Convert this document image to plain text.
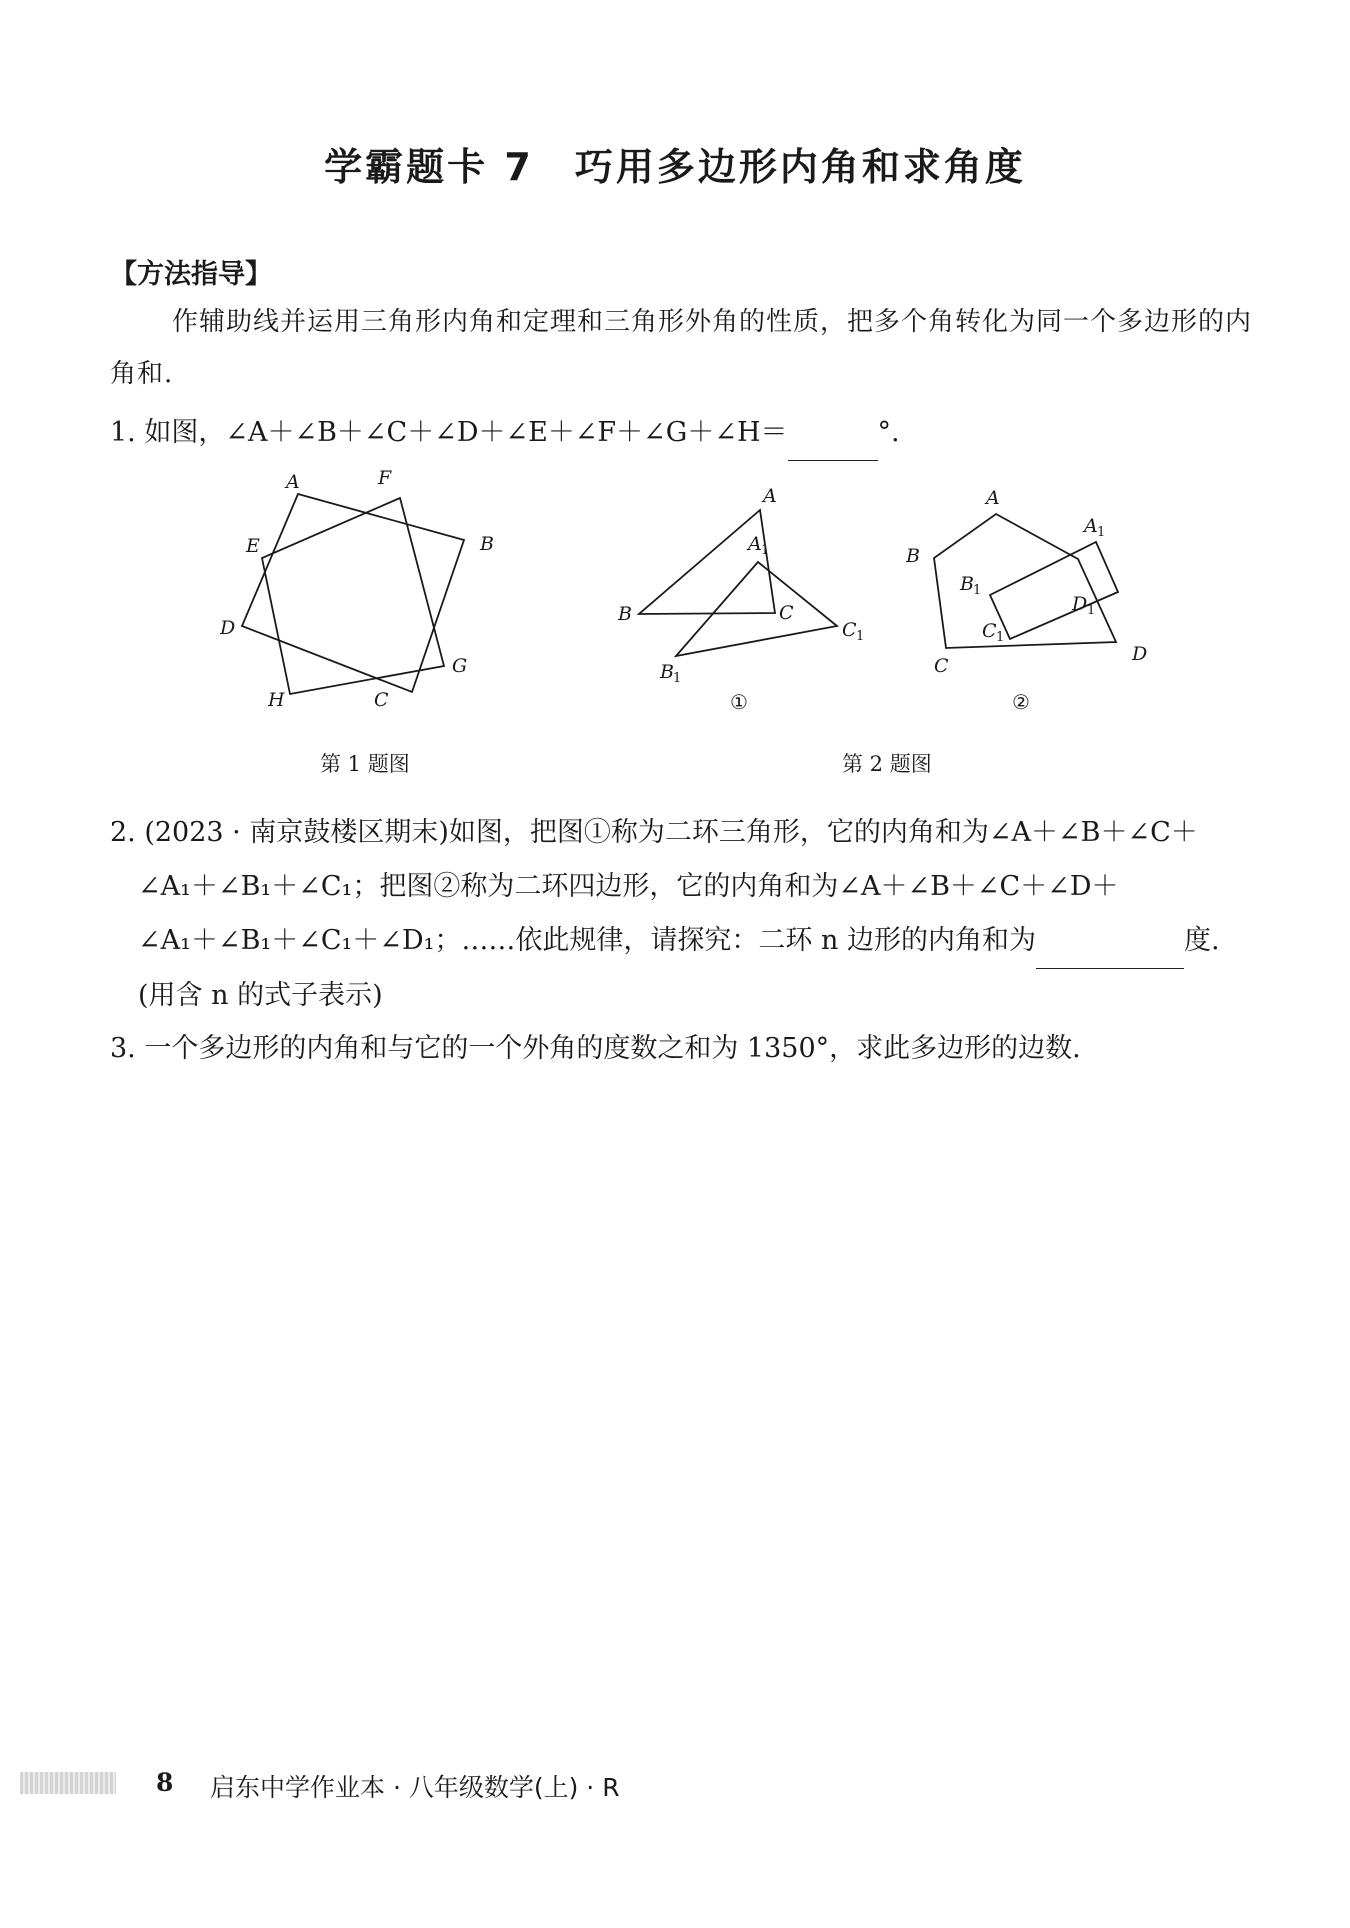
学霸题卡 7　巧用多边形内角和求角度
【方法指导】
作辅助线并运用三角形内角和定理和三角形外角的性质，把多个角转化为同一个多边形的内角和.
1. 如图，∠A＋∠B＋∠C＋∠D＋∠E＋∠F＋∠G＋∠H＝	°.
A	F
B
E
D
G
H	C
A
A 1
B	C
C 1
B 1
①
A
A 1
B
B 1
D 1
C 1
C
D
②
第 1 题图	第 2 题图
2. (2023 · 南京鼓楼区期末)如图，把图①称为二环三角形，它的内角和为∠A＋∠B＋∠C＋
∠A₁＋∠B₁＋∠C₁；把图②称为二环四边形，它的内角和为∠A＋∠B＋∠C＋∠D＋
∠A₁＋∠B₁＋∠C₁＋∠D₁；……依此规律，请探究：二环 n 边形的内角和为	度.
(用含 n 的式子表示)
3. 一个多边形的内角和与它的一个外角的度数之和为 1350°，求此多边形的边数.
8 启东中学作业本 · 八年级数学(上) · R
